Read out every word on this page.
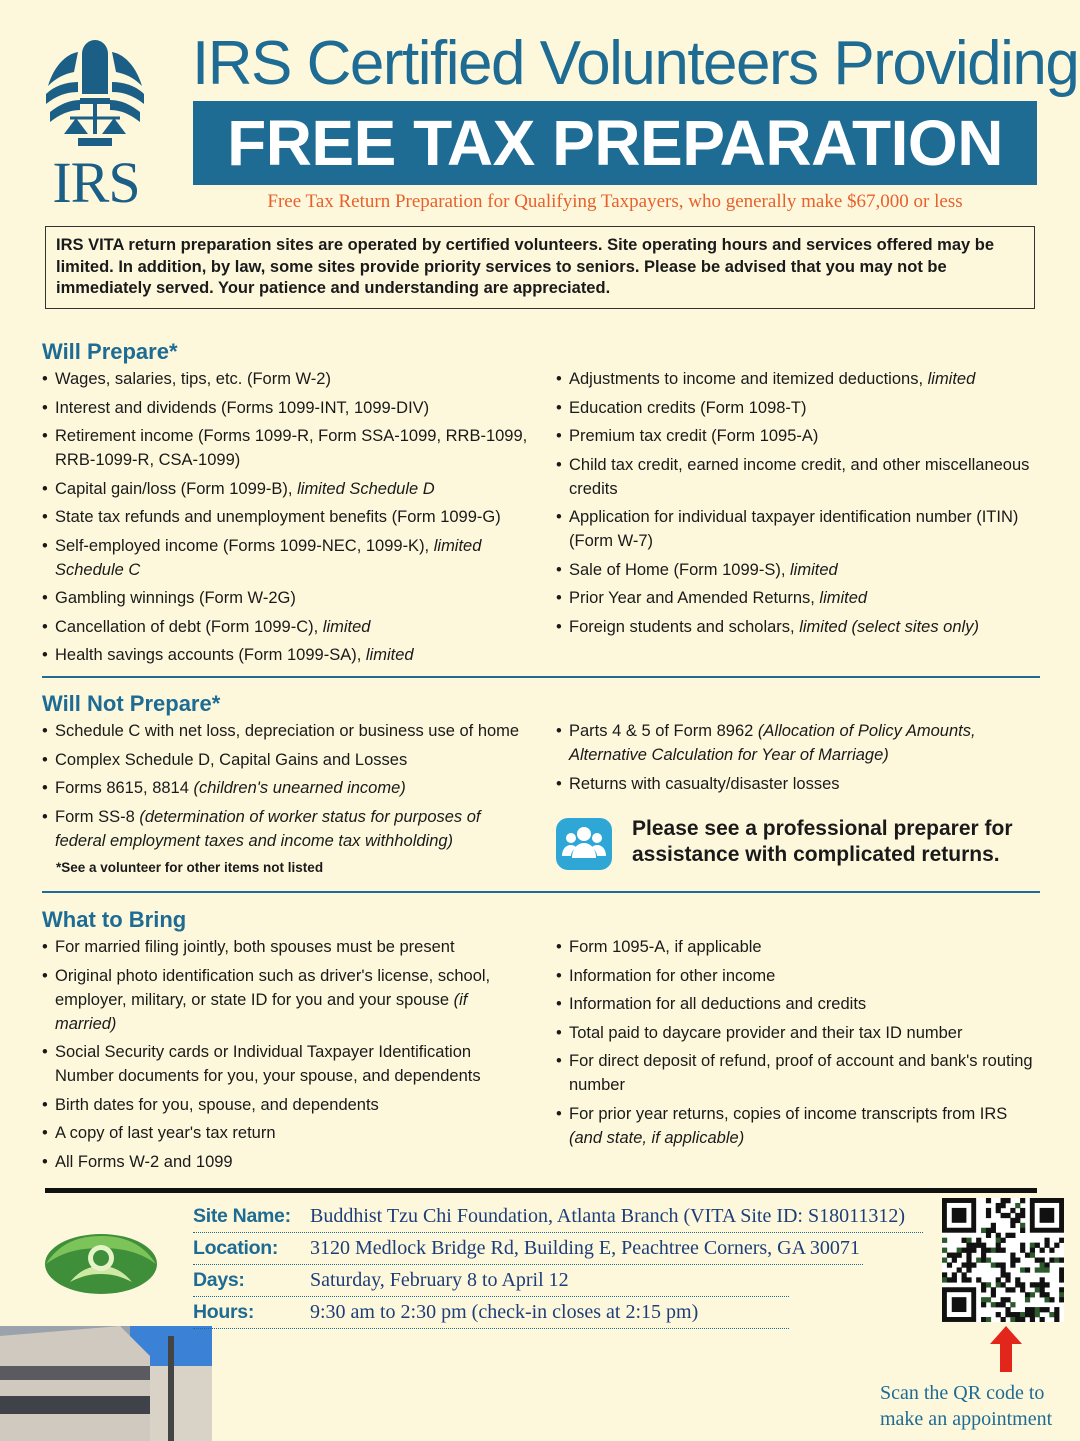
IRS
IRS Certified Volunteers Providing
FREE TAX PREPARATION
Free Tax Return Preparation for Qualifying Taxpayers, who generally make $67,000 or less
IRS VITA return preparation sites are operated by certified volunteers. Site operating hours and services offered may be limited. In addition, by law, some sites provide priority services to seniors. Please be advised that you may not be immediately served. Your patience and understanding are appreciated.
Will Prepare*
• Wages, salaries, tips, etc. (Form W-2)
• Interest and dividends (Forms 1099-INT, 1099-DIV)
• Retirement income (Forms 1099-R, Form SSA-1099, RRB-1099, RRB-1099-R, CSA-1099)
• Capital gain/loss (Form 1099-B), limited Schedule D
• State tax refunds and unemployment benefits (Form 1099-G)
• Self-employed income (Forms 1099-NEC, 1099-K), limited Schedule C
• Gambling winnings (Form W-2G)
• Cancellation of debt (Form 1099-C), limited
• Health savings accounts (Form 1099-SA), limited
• Adjustments to income and itemized deductions, limited
• Education credits (Form 1098-T)
• Premium tax credit (Form 1095-A)
• Child tax credit, earned income credit, and other miscellaneous credits
• Application for individual taxpayer identification number (ITIN) (Form W-7)
• Sale of Home (Form 1099-S), limited
• Prior Year and Amended Returns, limited
• Foreign students and scholars, limited (select sites only)
Will Not Prepare*
• Schedule C with net loss, depreciation or business use of home
• Complex Schedule D, Capital Gains and Losses
• Forms 8615, 8814 (children's unearned income)
• Form SS-8 (determination of worker status for purposes of federal employment taxes and income tax withholding)
• Parts 4 & 5 of Form 8962 (Allocation of Policy Amounts, Alternative Calculation for Year of Marriage)
• Returns with casualty/disaster losses
*See a volunteer for other items not listed
Please see a professional preparer for
assistance with complicated returns.
What to Bring
• For married filing jointly, both spouses must be present
• Original photo identification such as driver's license, school, employer, military, or state ID for you and your spouse (if married)
• Social Security cards or Individual Taxpayer Identification Number documents for you, your spouse, and dependents
• Birth dates for you, spouse, and dependents
• A copy of last year's tax return
• All Forms W-2 and 1099
• Form 1095-A, if applicable
• Information for other income
• Information for all deductions and credits
• Total paid to daycare provider and their tax ID number
• For direct deposit of refund, proof of account and bank's routing number
• For prior year returns, copies of income transcripts from IRS (and state, if applicable)
Site Name: Buddhist Tzu Chi Foundation, Atlanta Branch (VITA Site ID: S18011312)
Location: 3120 Medlock Bridge Rd, Building E, Peachtree Corners, GA 30071
Days:	Saturday, February 8 to April 12
Hours:	9:30 am to 2:30 pm (check-in closes at 2:15 pm)
Scan the QR code to
make an appointment
